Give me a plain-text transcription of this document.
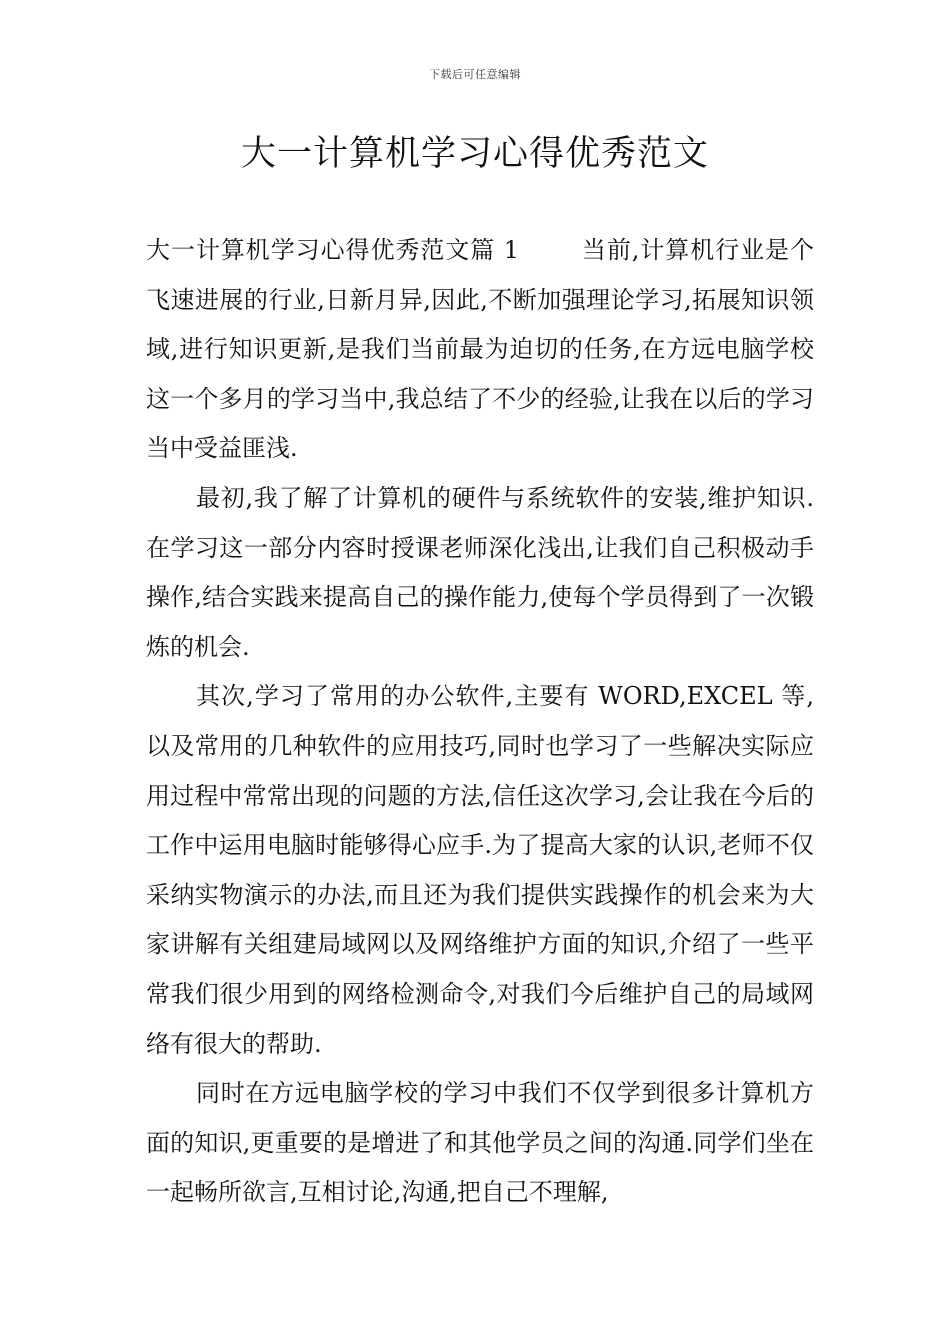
下载后可任意编辑
大一计算机学习心得优秀范文

大一计算机学习心得优秀范文篇 1	当前,计算机行业是个飞速进展的行业,日新月异,因此,不断加强理论学习,拓展知识领域,进行知识更新,是我们当前最为迫切的任务,在方远电脑学校这一个多月的学习当中,我总结了不少的经验,让我在以后的学习当中受益匪浅.

最初,我了解了计算机的硬件与系统软件的安装,维护知识.在学习这一部分内容时授课老师深化浅出,让我们自己积极动手操作,结合实践来提高自己的操作能力,使每个学员得到了一次锻炼的机会.

其次,学习了常用的办公软件,主要有 WORD,EXCEL 等,以及常用的几种软件的应用技巧,同时也学习了一些解决实际应用过程中常常出现的问题的方法,信任这次学习,会让我在今后的工作中运用电脑时能够得心应手.为了提高大家的认识,老师不仅采纳实物演示的办法,而且还为我们提供实践操作的机会来为大家讲解有关组建局域网以及网络维护方面的知识,介绍了一些平常我们很少用到的网络检测命令,对我们今后维护自己的局域网络有很大的帮助.

同时在方远电脑学校的学习中我们不仅学到很多计算机方面的知识,更重要的是增进了和其他学员之间的沟通.同学们坐在一起畅所欲言,互相讨论,沟通,把自己不理解,
